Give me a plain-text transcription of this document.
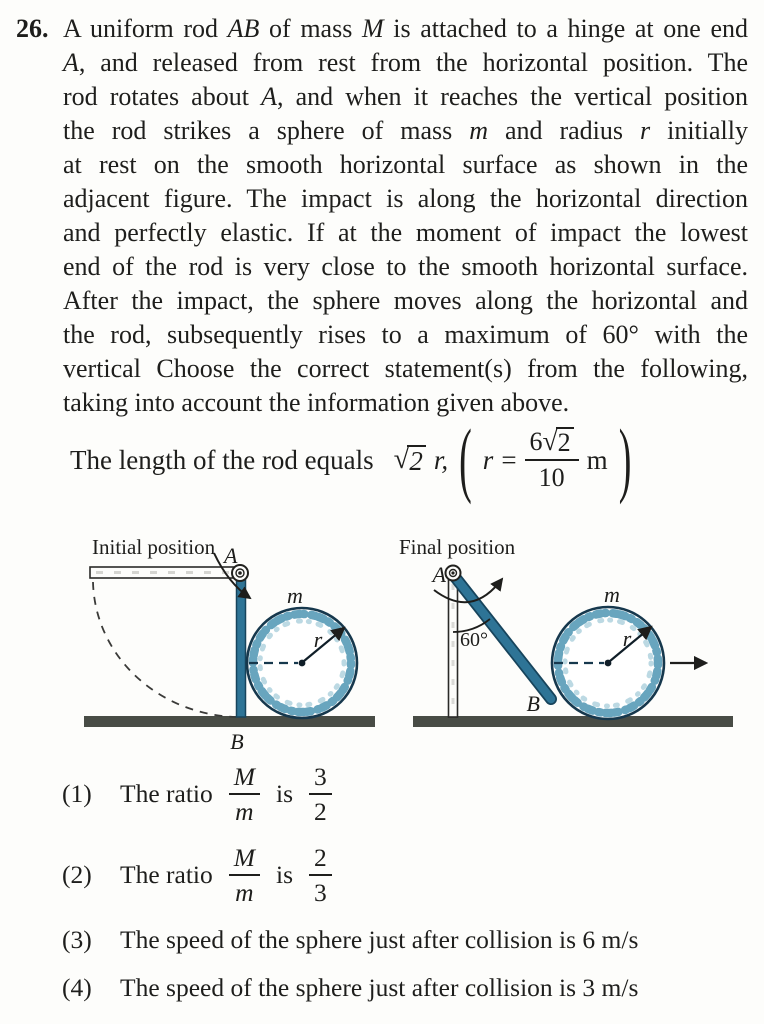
26. A uniform rod AB of mass M is attached to a hinge at one end
A, and released from rest from the horizontal position. The
rod rotates about A, and when it reaches the vertical position
the rod strikes a sphere of mass m and radius r initially
at rest on the smooth horizontal surface as shown in the
adjacent figure. The impact is along the horizontal direction
and perfectly elastic. If at the moment of impact the lowest
end of the rod is very close to the smooth horizontal surface.
After the impact, the sphere moves along the horizontal and
the rod, subsequently rises to a maximum of 60° with the
vertical Choose the correct statement(s) from the following,
taking into account the information given above.
The length of the rod equals √ 2 r, ( $r = \frac{6 √ 2}{10}$ m )
Initial position A
m
r
B
Final position
A
60°
m
r
B
(1)	The ratio $\frac{M}{m}$ is $\frac{3}{2}$
(2)	The ratio $\frac{M}{m}$ is $\frac{2}{3}$
(3)	The speed of the sphere just after collision is 6 m/s
(4)	The speed of the sphere just after collision is 3 m/s
